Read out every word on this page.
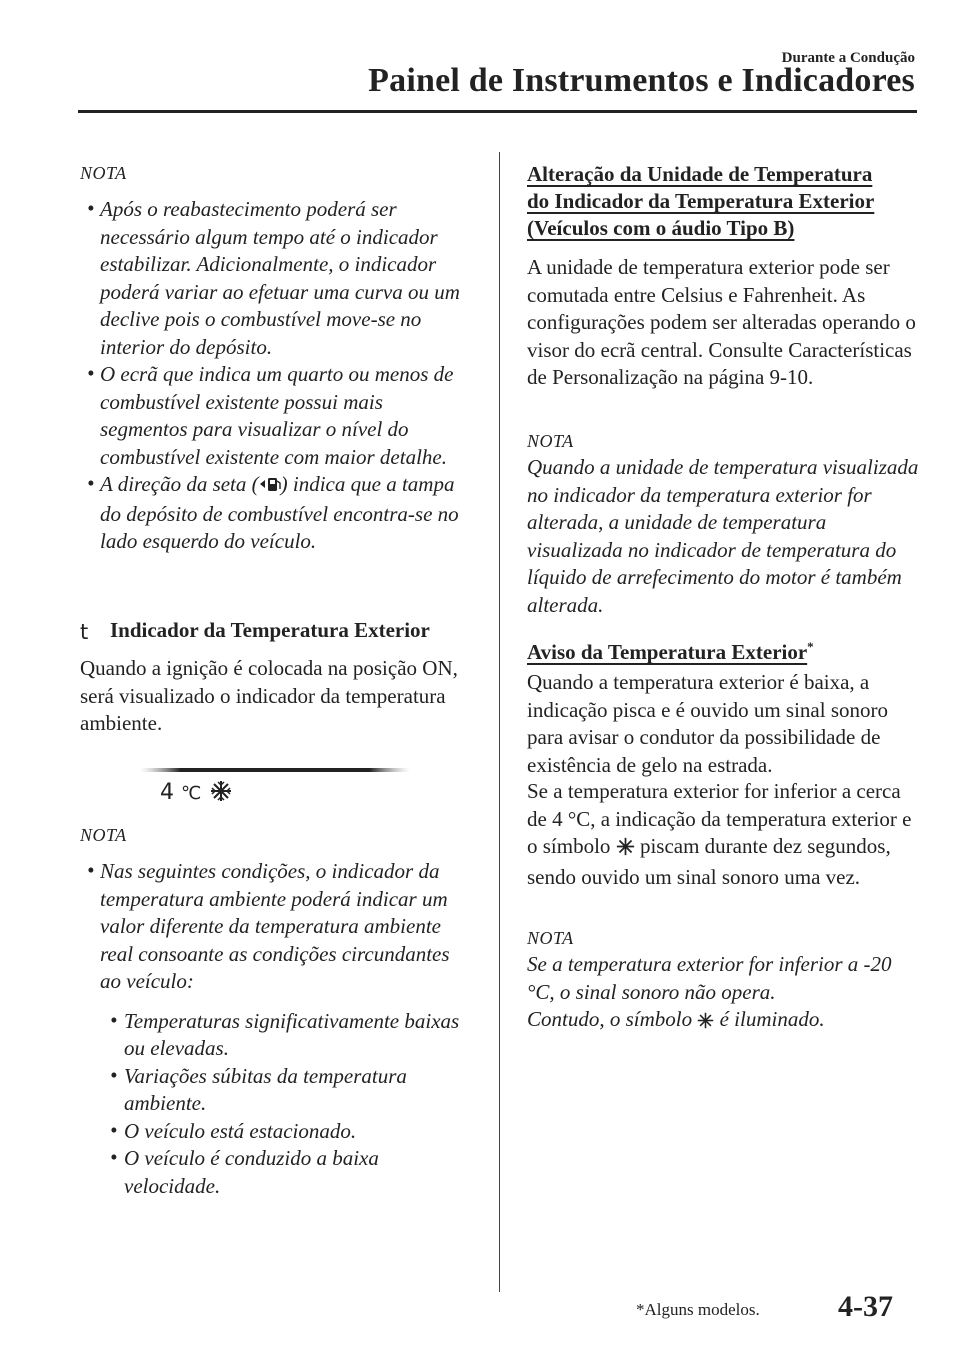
Durante a Condução
Painel de Instrumentos e Indicadores
NOTA
• Após o reabastecimento poderá ser necessário algum tempo até o indicador estabilizar. Adicionalmente, o indicador poderá variar ao efetuar uma curva ou um declive pois o combustível move-se no interior do depósito.
• O ecrã que indica um quarto ou menos de combustível existente possui mais segmentos para visualizar o nível do combustível existente com maior detalhe.
• A direção da seta ( ) indica que a tampa do depósito de combustível encontra-se no lado esquerdo do veículo.
t Indicador da Temperatura Exterior
Quando a ignição é colocada na posição ON, será visualizado o indicador da temperatura ambiente.
4 ℃
NOTA
• Nas seguintes condições, o indicador da temperatura ambiente poderá indicar um valor diferente da temperatura ambiente real consoante as condições circundantes ao veículo:
• Temperaturas significativamente baixas ou elevadas.
• Variações súbitas da temperatura ambiente.
• O veículo está estacionado.
• O veículo é conduzido a baixa velocidade.
Alteração da Unidade de Temperatura
do Indicador da Temperatura Exterior
(Veículos com o áudio Tipo B)
A unidade de temperatura exterior pode ser comutada entre Celsius e Fahrenheit. As configurações podem ser alteradas operando o visor do ecrã central. Consulte Características de Personalização na página 9-10.
NOTA
Quando a unidade de temperatura visualizada no indicador da temperatura exterior for alterada, a unidade de temperatura visualizada no indicador de temperatura do líquido de arrefecimento do motor é também alterada.
Aviso da Temperatura Exterior*
Quando a temperatura exterior é baixa, a indicação pisca e é ouvido um sinal sonoro para avisar o condutor da possibilidade de existência de gelo na estrada.
Se a temperatura exterior for inferior a cerca de 4 °C, a indicação da temperatura exterior e o símbolo  piscam durante dez segundos, sendo ouvido um sinal sonoro uma vez.
NOTA
Se a temperatura exterior for inferior a -20 °C, o sinal sonoro não opera.
Contudo, o símbolo  é iluminado.
*Alguns modelos.	4-37
